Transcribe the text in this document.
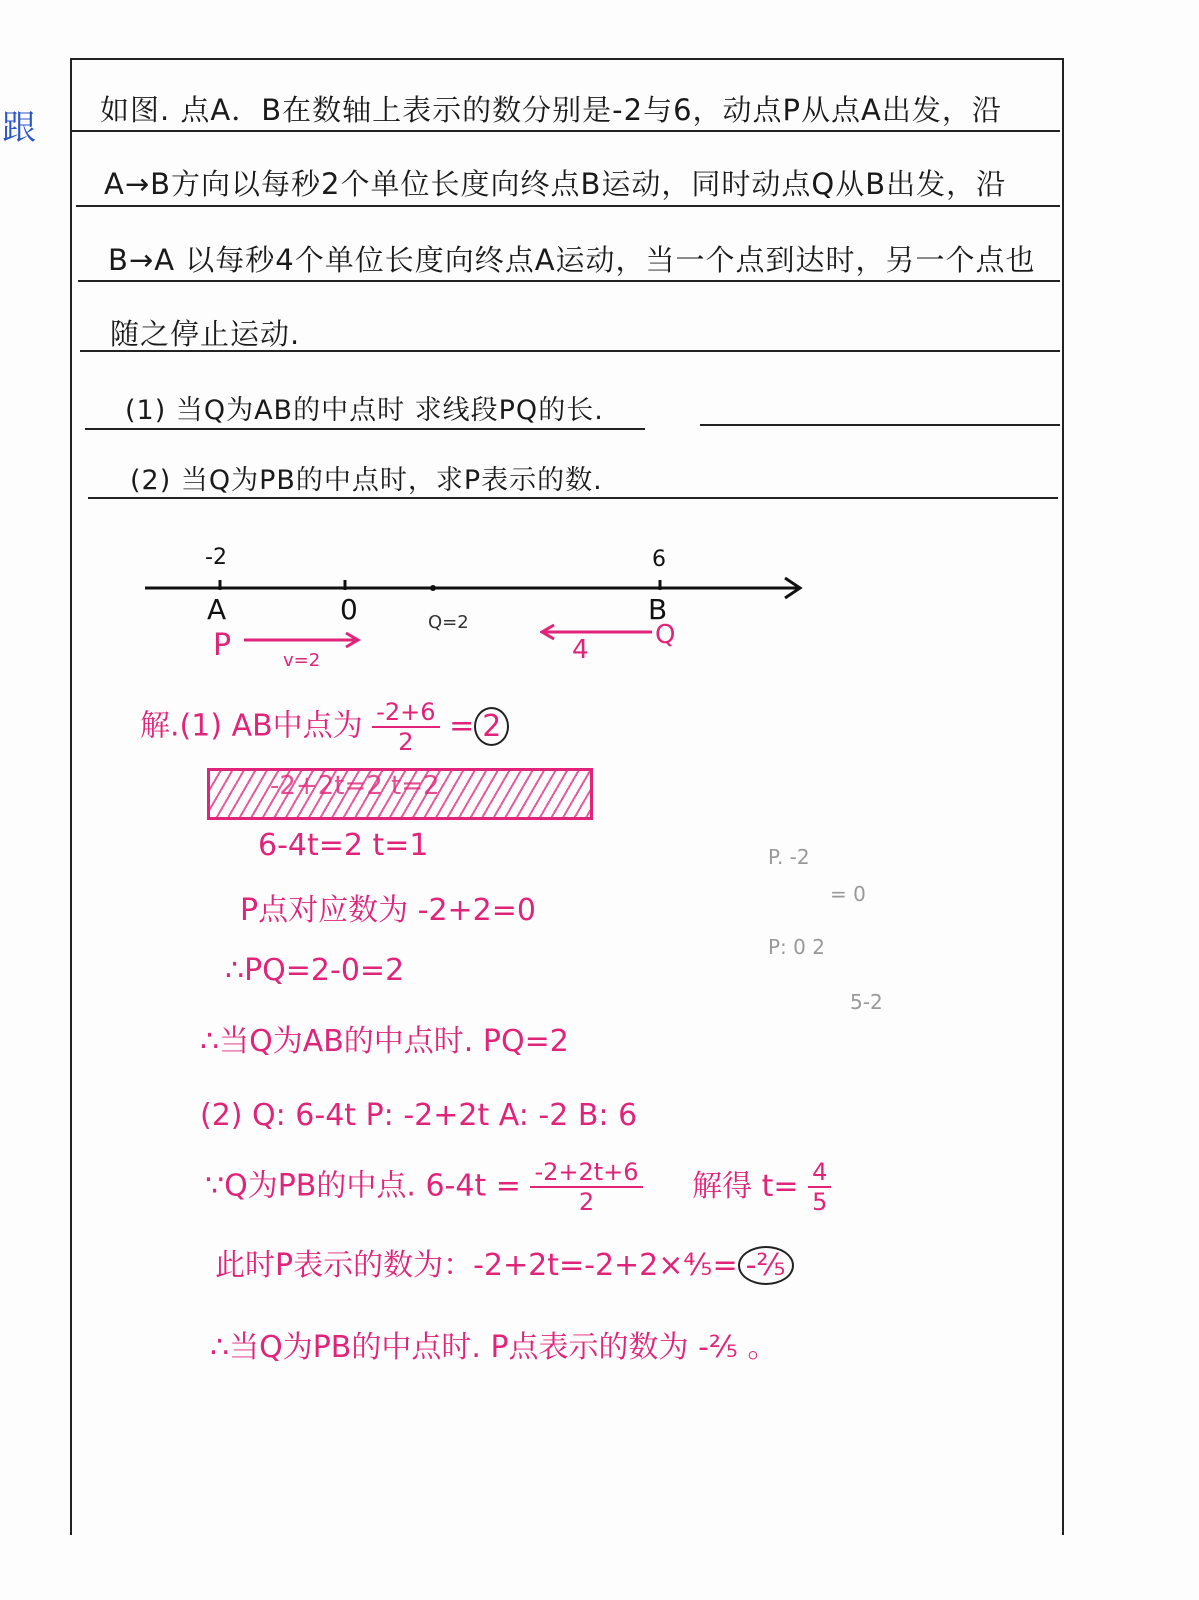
跟 如图. 点A．B在数轴上表示的数分别是-2与6，动点P从点A出发，沿
A→B方向以每秒2个单位长度向终点B运动，同时动点Q从B出发，沿
B→A 以每秒4个单位长度向终点A运动，当一个点到达时，另一个点也
随之停止运动.
(1) 当Q为AB的中点时 求线段PQ的长.
(2) 当Q为PB的中点时，求P表示的数.
-2	6
A	0	B
Q=2
P	v=2	4	Q
解.(1) AB中点为 $\frac{-2+6}{2} = 2$
-2+2t=2 t=2
6-4t=2 t=1
P点对应数为 -2+2=0
∴PQ=2-0=2
∴当Q为AB的中点时. PQ=2
(2) Q: 6-4t P: -2+2t A: -2 B: 6
∵Q为PB的中点. $6-4t = \frac{-2+2t+6}{2}$ 解得 $t= \frac{4}{5}$
此时P表示的数为：-2+2t=-2+2×⁴⁄₅= -²⁄₅
∴当Q为PB的中点时. P点表示的数为 -²⁄₅ 。
P. -2
= 0
P: 0 2
5-2
